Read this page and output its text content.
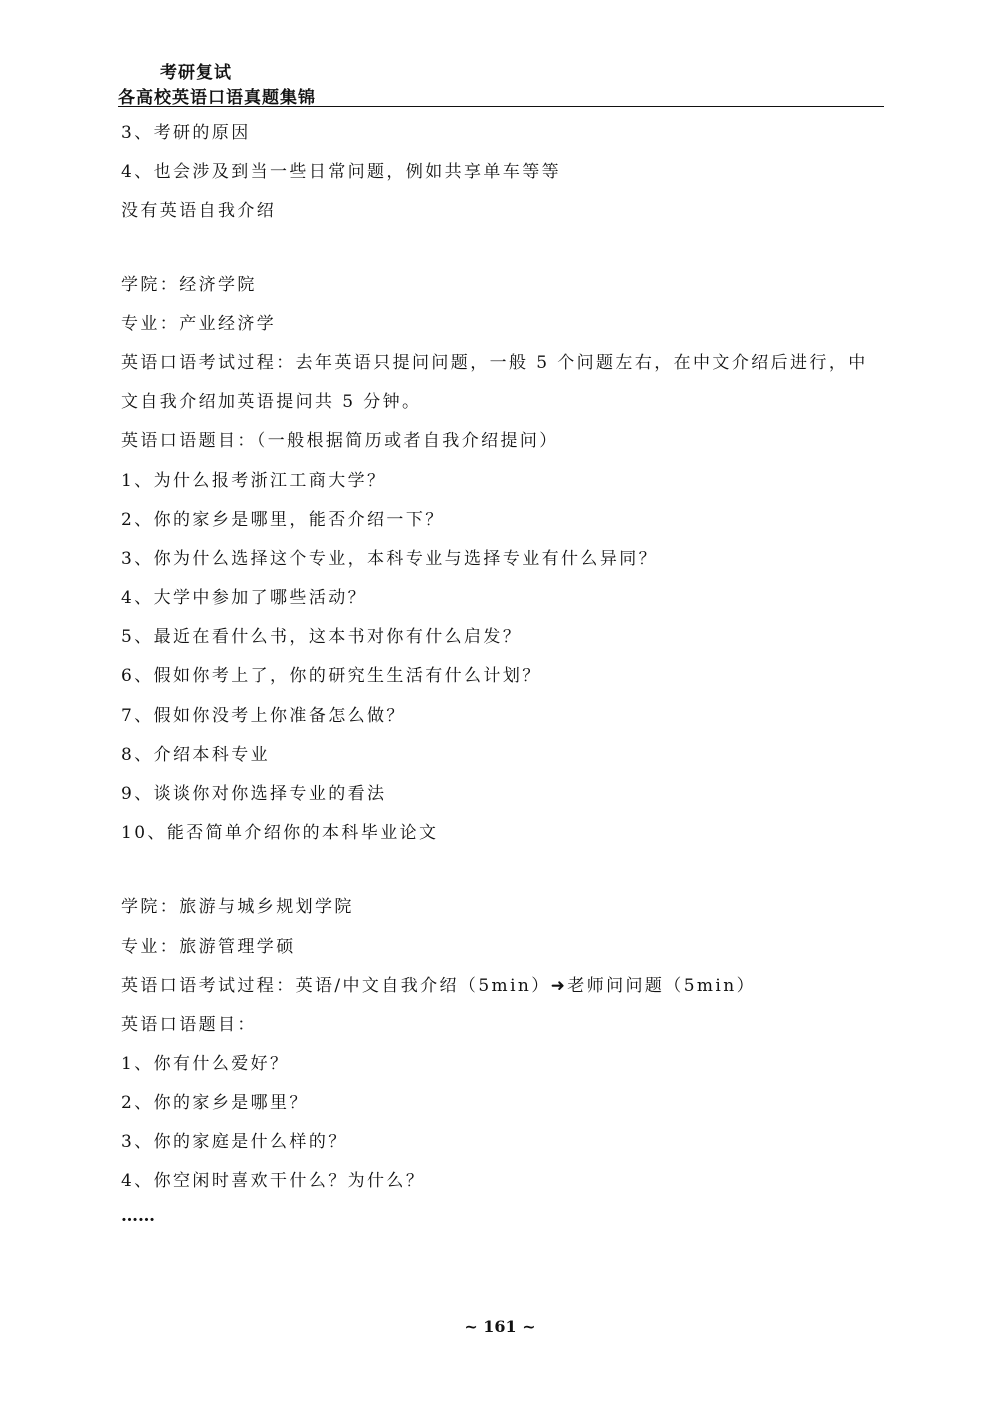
考研复试
各高校英语口语真题集锦
3、考研的原因
4、也会涉及到当一些日常问题，例如共享单车等等
没有英语自我介绍
学院：经济学院
专业：产业经济学
英语口语考试过程：去年英语只提问问题，一般 5 个问题左右，在中文介绍后进行，中
文自我介绍加英语提问共 5 分钟。
英语口语题目：（一般根据简历或者自我介绍提问）
1、为什么报考浙江工商大学？
2、你的家乡是哪里，能否介绍一下？
3、你为什么选择这个专业，本科专业与选择专业有什么异同？
4、大学中参加了哪些活动？
5、最近在看什么书，这本书对你有什么启发？
6、假如你考上了，你的研究生生活有什么计划？
7、假如你没考上你准备怎么做？
8、介绍本科专业
9、谈谈你对你选择专业的看法
10、能否简单介绍你的本科毕业论文
学院：旅游与城乡规划学院
专业：旅游管理学硕
英语口语考试过程：英语/中文自我介绍（5min）➜老师问问题（5min）
英语口语题目：
1、你有什么爱好？
2、你的家乡是哪里？
3、你的家庭是什么样的？
4、你空闲时喜欢干什么？为什么？
……
~ 161 ~
